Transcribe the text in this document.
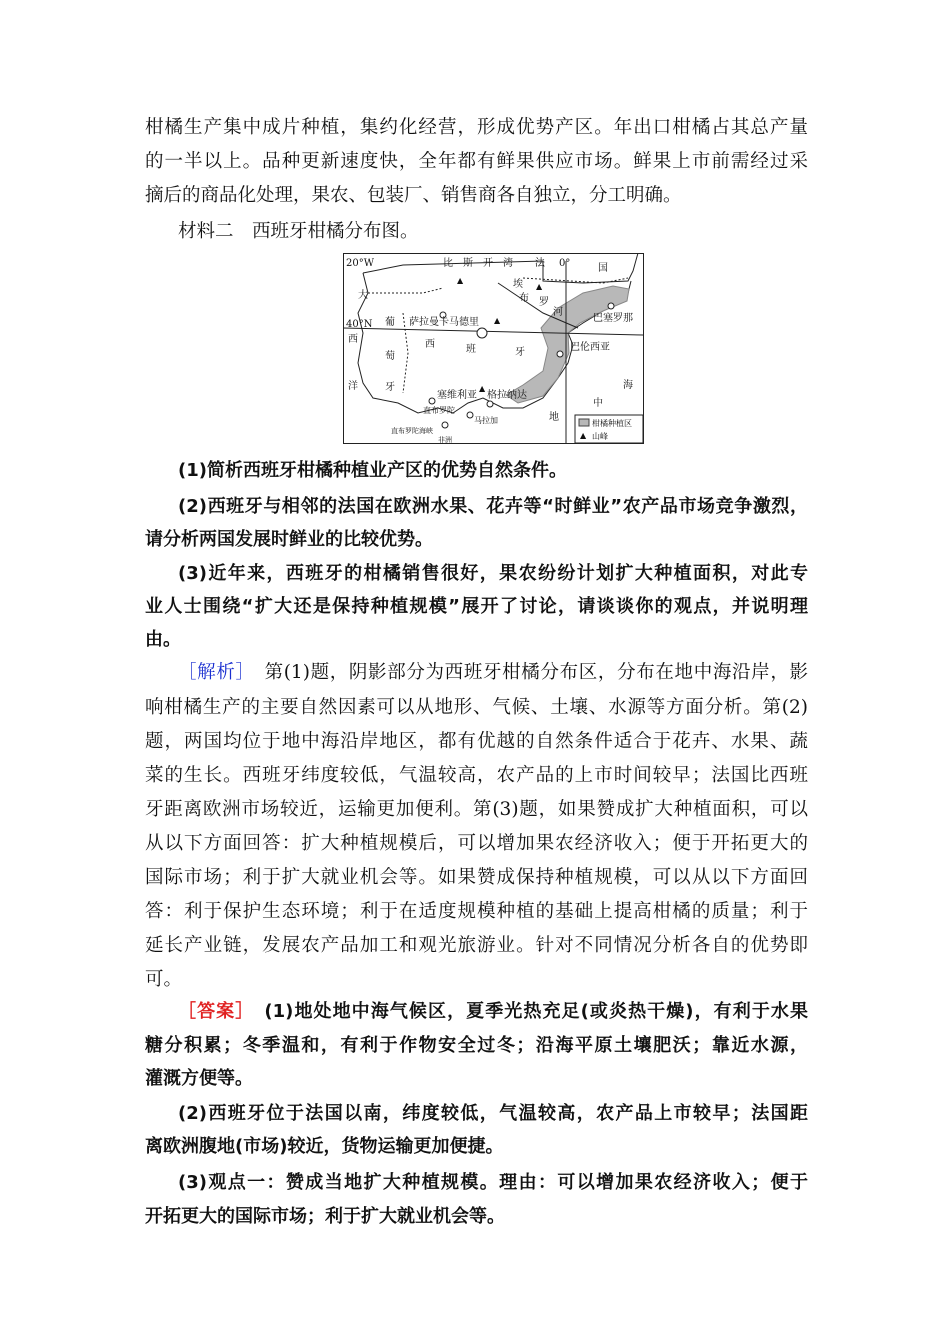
柑橘生产集中成片种植，集约化经营，形成优势产区。年出口柑橘占其总产量
的一半以上。品种更新速度快，全年都有鲜果供应市场。鲜果上市前需经过采
摘后的商品化处理，果农、包装厂、销售商各自独立，分工明确。
材料二　西班牙柑橘分布图。
▲
▲
▲
▲
20°W	比　斯　开　湾 法 0°	国
40°N
埃
布 罗
河
大
西
洋
葡
萄
牙
西	班	牙
萨拉曼卡 马德里	巴塞罗那
巴伦西亚
塞维利亚 格拉纳达
直布罗陀
马拉加
直布罗陀海峡
非洲
海
中
地
柑橘种植区
▲ 山峰
(1)简析西班牙柑橘种植业产区的优势自然条件。
(2)西班牙与相邻的法国在欧洲水果、花卉等“时鲜业”农产品市场竞争激烈，
请分析两国发展时鲜业的比较优势。
(3)近年来，西班牙的柑橘销售很好，果农纷纷计划扩大种植面积，对此专
业人士围绕“扩大还是保持种植规模”展开了讨论，请谈谈你的观点，并说明理
由。
［解析］　 第(1)题，阴影部分为西班牙柑橘分布区，分布在地中海沿岸，影
响柑橘生产的主要自然因素可以从地形、气候、土壤、水源等方面分析。第(2)
题，两国均位于地中海沿岸地区，都有优越的自然条件适合于花卉、水果、蔬
菜的生长。西班牙纬度较低，气温较高，农产品的上市时间较早；法国比西班
牙距离欧洲市场较近，运输更加便利。第(3)题，如果赞成扩大种植面积，可以
从以下方面回答：扩大种植规模后，可以增加果农经济收入；便于开拓更大的
国际市场；利于扩大就业机会等。如果赞成保持种植规模，可以从以下方面回
答：利于保护生态环境；利于在适度规模种植的基础上提高柑橘的质量；利于
延长产业链，发展农产品加工和观光旅游业。针对不同情况分析各自的优势即
可。
［答案］　 (1)地处地中海气候区，夏季光热充足(或炎热干燥)，有利于水果
糖分积累；冬季温和，有利于作物安全过冬；沿海平原土壤肥沃；靠近水源，
灌溉方便等。
(2)西班牙位于法国以南，纬度较低，气温较高，农产品上市较早；法国距
离欧洲腹地(市场)较近，货物运输更加便捷。
(3)观点一：赞成当地扩大种植规模。理由：可以增加果农经济收入；便于
开拓更大的国际市场；利于扩大就业机会等。
